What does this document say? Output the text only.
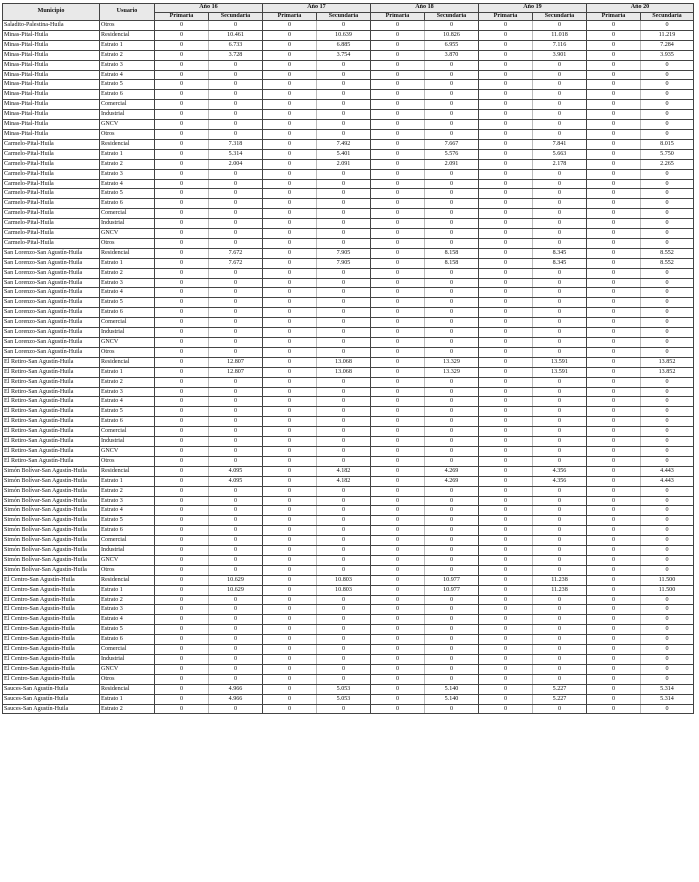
Municipio	Usuario	Año 16		Año 17		Año 18		Año 19		Año 20	
		Primaria	Secundaria	Primaria	Secundaria	Primaria	Secundaria	Primaria	Secundaria	Primaria	Secundaria
Saladito-Palestina-Huila	Otros	0	0	0	0	0	0	0	0	0	0
Minas-Pital-Huila	Residencial	0	10.461	0	10.639	0	10.826	0	11.018	0	11.219
Minas-Pital-Huila	Estrato 1	0	6.733	0	6.885	0	6.955	0	7.116	0	7.284
Minas-Pital-Huila	Estrato 2	0	3.728	0	3.754	0	3.870	0	3.901	0	3.935
Minas-Pital-Huila	Estrato 3	0	0	0	0	0	0	0	0	0	0
Minas-Pital-Huila	Estrato 4	0	0	0	0	0	0	0	0	0	0
Minas-Pital-Huila	Estrato 5	0	0	0	0	0	0	0	0	0	0
Minas-Pital-Huila	Estrato 6	0	0	0	0	0	0	0	0	0	0
Minas-Pital-Huila	Comercial	0	0	0	0	0	0	0	0	0	0
Minas-Pital-Huila	Industrial	0	0	0	0	0	0	0	0	0	0
Minas-Pital-Huila	GNCV	0	0	0	0	0	0	0	0	0	0
Minas-Pital-Huila	Otros	0	0	0	0	0	0	0	0	0	0
Carmelo-Pital-Huila	Residencial	0	7.318	0	7.492	0	7.667	0	7.841	0	8.015
Carmelo-Pital-Huila	Estrato 1	0	5.314	0	5.401	0	5.576	0	5.663	0	5.750
Carmelo-Pital-Huila	Estrato 2	0	2.004	0	2.091	0	2.091	0	2.178	0	2.265
Carmelo-Pital-Huila	Estrato 3	0	0	0	0	0	0	0	0	0	0
Carmelo-Pital-Huila	Estrato 4	0	0	0	0	0	0	0	0	0	0
Carmelo-Pital-Huila	Estrato 5	0	0	0	0	0	0	0	0	0	0
Carmelo-Pital-Huila	Estrato 6	0	0	0	0	0	0	0	0	0	0
Carmelo-Pital-Huila	Comercial	0	0	0	0	0	0	0	0	0	0
Carmelo-Pital-Huila	Industrial	0	0	0	0	0	0	0	0	0	0
Carmelo-Pital-Huila	GNCV	0	0	0	0	0	0	0	0	0	0
Carmelo-Pital-Huila	Otros	0	0	0	0	0	0	0	0	0	0
San Lorenzo-San Agustín-Huila	Residencial	0	7.672	0	7.905	0	8.158	0	8.345	0	8.552
San Lorenzo-San Agustín-Huila	Estrato 1	0	7.672	0	7.905	0	8.158	0	8.345	0	8.552
San Lorenzo-San Agustín-Huila	Estrato 2	0	0	0	0	0	0	0	0	0	0
San Lorenzo-San Agustín-Huila	Estrato 3	0	0	0	0	0	0	0	0	0	0
San Lorenzo-San Agustín-Huila	Estrato 4	0	0	0	0	0	0	0	0	0	0
San Lorenzo-San Agustín-Huila	Estrato 5	0	0	0	0	0	0	0	0	0	0
San Lorenzo-San Agustín-Huila	Estrato 6	0	0	0	0	0	0	0	0	0	0
San Lorenzo-San Agustín-Huila	Comercial	0	0	0	0	0	0	0	0	0	0
San Lorenzo-San Agustín-Huila	Industrial	0	0	0	0	0	0	0	0	0	0
San Lorenzo-San Agustín-Huila	GNCV	0	0	0	0	0	0	0	0	0	0
San Lorenzo-San Agustín-Huila	Otros	0	0	0	0	0	0	0	0	0	0
El Retiro-San Agustín-Huila	Residencial	0	12.807	0	13.068	0	13.329	0	13.591	0	13.852
El Retiro-San Agustín-Huila	Estrato 1	0	12.807	0	13.068	0	13.329	0	13.591	0	13.852
El Retiro-San Agustín-Huila	Estrato 2	0	0	0	0	0	0	0	0	0	0
El Retiro-San Agustín-Huila	Estrato 3	0	0	0	0	0	0	0	0	0	0
El Retiro-San Agustín-Huila	Estrato 4	0	0	0	0	0	0	0	0	0	0
El Retiro-San Agustín-Huila	Estrato 5	0	0	0	0	0	0	0	0	0	0
El Retiro-San Agustín-Huila	Estrato 6	0	0	0	0	0	0	0	0	0	0
El Retiro-San Agustín-Huila	Comercial	0	0	0	0	0	0	0	0	0	0
El Retiro-San Agustín-Huila	Industrial	0	0	0	0	0	0	0	0	0	0
El Retiro-San Agustín-Huila	GNCV	0	0	0	0	0	0	0	0	0	0
El Retiro-San Agustín-Huila	Otros	0	0	0	0	0	0	0	0	0	0
Simón Bolívar-San Agustín-Huila	Residencial	0	4.095	0	4.182	0	4.269	0	4.356	0	4.443
Simón Bolívar-San Agustín-Huila	Estrato 1	0	4.095	0	4.182	0	4.269	0	4.356	0	4.443
Simón Bolívar-San Agustín-Huila	Estrato 2	0	0	0	0	0	0	0	0	0	0
Simón Bolívar-San Agustín-Huila	Estrato 3	0	0	0	0	0	0	0	0	0	0
Simón Bolívar-San Agustín-Huila	Estrato 4	0	0	0	0	0	0	0	0	0	0
Simón Bolívar-San Agustín-Huila	Estrato 5	0	0	0	0	0	0	0	0	0	0
Simón Bolívar-San Agustín-Huila	Estrato 6	0	0	0	0	0	0	0	0	0	0
Simón Bolívar-San Agustín-Huila	Comercial	0	0	0	0	0	0	0	0	0	0
Simón Bolívar-San Agustín-Huila	Industrial	0	0	0	0	0	0	0	0	0	0
Simón Bolívar-San Agustín-Huila	GNCV	0	0	0	0	0	0	0	0	0	0
Simón Bolívar-San Agustín-Huila	Otros	0	0	0	0	0	0	0	0	0	0
El Centro-San Agustín-Huila	Residencial	0	10.629	0	10.803	0	10.977	0	11.238	0	11.500
El Centro-San Agustín-Huila	Estrato 1	0	10.629	0	10.803	0	10.977	0	11.238	0	11.500
El Centro-San Agustín-Huila	Estrato 2	0	0	0	0	0	0	0	0	0	0
El Centro-San Agustín-Huila	Estrato 3	0	0	0	0	0	0	0	0	0	0
El Centro-San Agustín-Huila	Estrato 4	0	0	0	0	0	0	0	0	0	0
El Centro-San Agustín-Huila	Estrato 5	0	0	0	0	0	0	0	0	0	0
El Centro-San Agustín-Huila	Estrato 6	0	0	0	0	0	0	0	0	0	0
El Centro-San Agustín-Huila	Comercial	0	0	0	0	0	0	0	0	0	0
El Centro-San Agustín-Huila	Industrial	0	0	0	0	0	0	0	0	0	0
El Centro-San Agustín-Huila	GNCV	0	0	0	0	0	0	0	0	0	0
El Centro-San Agustín-Huila	Otros	0	0	0	0	0	0	0	0	0	0
Sauces-San Agustín-Huila	Residencial	0	4.966	0	5.053	0	5.140	0	5.227	0	5.314
Sauces-San Agustín-Huila	Estrato 1	0	4.966	0	5.053	0	5.140	0	5.227	0	5.314
Sauces-San Agustín-Huila	Estrato 2	0	0	0	0	0	0	0	0	0	0
